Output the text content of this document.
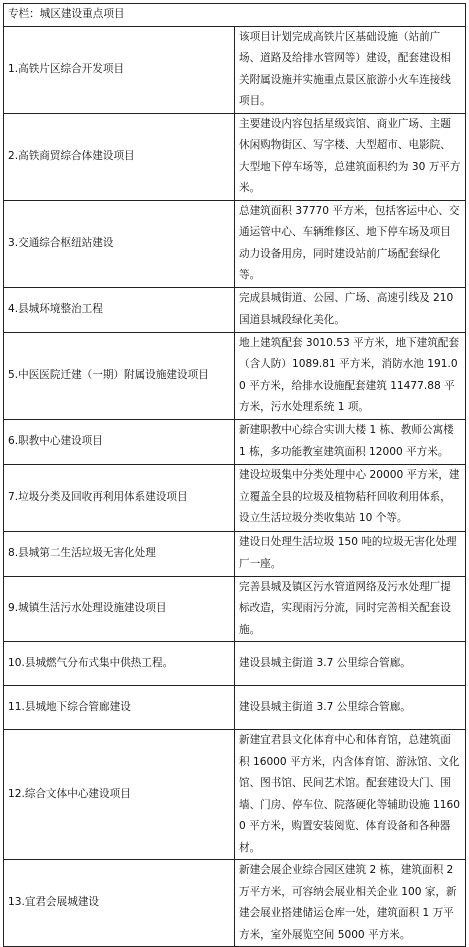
专栏：城区建设重点项目	
1.高铁片区综合开发项目	该项目计划完成高铁片区基础设施（站前广场、道路及给排水管网等）建设，配套建设相关附属设施并实施重点景区旅游小火车连接线项目。
2.高铁商贸综合体建设项目	主要建设内容包括星级宾馆、商业广场、主题休闲购物街区、写字楼、大型超市、电影院、大型地下停车场等，总建筑面积约为 30 万平方米。
3.交通综合枢纽站建设	总建筑面积 37770 平方米，包括客运中心、交通运管中心、车辆维修区、地下停车场及项目动力设备用房，同时建设站前广场配套绿化等。
4.县城环境整治工程	完成县城街道、公园、广场、高速引线及 210 国道县城段绿化美化。
5.中医医院迁建（一期）附属设施建设项目	地上建筑配套 3010.53 平方米，地下建筑配套（含人防）1089.81 平方米，消防水池 191.00 平方米，给排水设施配套建筑 11477.88 平方米，污水处理系统 1 项。
6.职教中心建设项目	新建职教中心综合实训大楼 1 栋、教师公寓楼 1 栋，多功能教室建筑面积 12000 平方米。
7.垃圾分类及回收再利用体系建设项目	建设垃圾集中分类处理中心 20000 平方米，建立覆盖全县的垃圾及植物秸秆回收利用体系，设立生活垃圾分类收集站 10 个等。
8.县城第二生活垃圾无害化处理	建设日处理生活垃圾 150 吨的垃圾无害化处理厂一座。
9.城镇生活污水处理设施建设项目	完善县城及镇区污水管道网络及污水处理厂提标改造，实现雨污分流，同时完善相关配套设施。
10.县城燃气分布式集中供热工程。	建设县城主街道 3.7 公里综合管廊。
11.县城地下综合管廊建设	建设县城主街道 3.7 公里综合管廊。
12.综合文体中心建设项目	新建宜君县文化体育中心和体育馆，总建筑面积 16000 平方米，内含体育馆、游泳馆、文化馆、图书馆、民间艺术馆。配套建设大门、围墙、门房、停车位、院落硬化等辅助设施 11600 平方米，购置安装阅览、体育设备和各种器材。
13.宜君会展城建设	新建会展企业综合园区建筑 2 栋，建筑面积 2 万平方米，可容纳会展业相关企业 100 家，新建会展业搭建储运仓库一处，建筑面积 1 万平方米，室外展览空间 5000 平方米。
